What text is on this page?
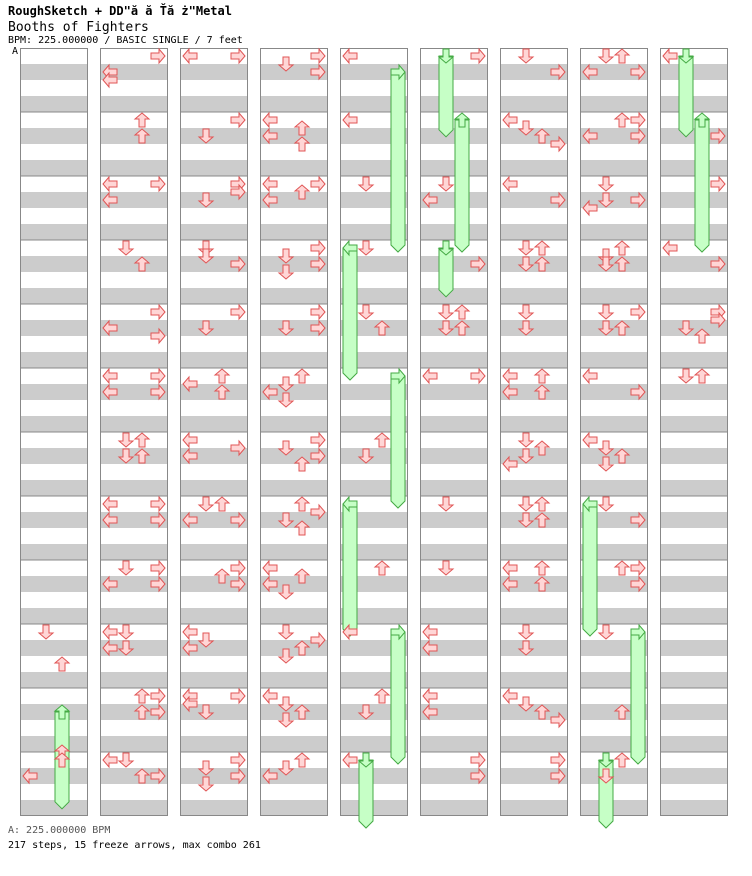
RoughSketch + DD"ă ă Ťă ż"Metal
Booths of Fighters
BPM: 225.000000 / BASIC SINGLE / 7 feet
A
A: 225.000000 BPM
217 steps, 15 freeze arrows, max combo 261
